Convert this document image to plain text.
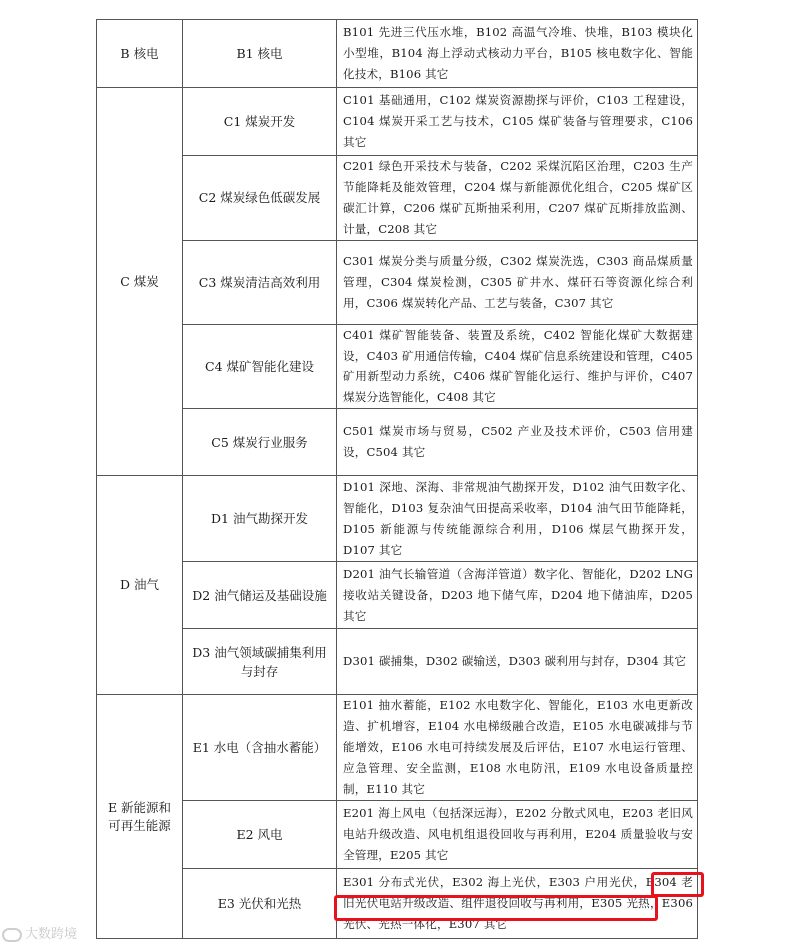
B 核电	B1 核电	B101 先进三代压水堆，B102 高温气冷堆、快堆，B103 模块化小型堆，B104 海上浮动式核动力平台，B105 核电数字化、智能化技术，B106 其它
C 煤炭	C1 煤炭开发	C101 基础通用，C102 煤炭资源勘探与评价，C103 工程建设，C104 煤炭开采工艺与技术，C105 煤矿装备与管理要求，C106 其它
	C2 煤炭绿色低碳发展	C201 绿色开采技术与装备，C202 采煤沉陷区治理，C203 生产节能降耗及能效管理，C204 煤与新能源优化组合，C205 煤矿区碳汇计算，C206 煤矿瓦斯抽采利用，C207 煤矿瓦斯排放监测、计量，C208 其它
	C3 煤炭清洁高效利用	C301 煤炭分类与质量分级，C302 煤炭洗选，C303 商品煤质量管理，C304 煤炭检测，C305 矿井水、煤矸石等资源化综合利用，C306 煤炭转化产品、工艺与装备，C307 其它
	C4 煤矿智能化建设	C401 煤矿智能装备、装置及系统，C402 智能化煤矿大数据建设，C403 矿用通信传输，C404 煤矿信息系统建设和管理，C405 矿用新型动力系统，C406 煤矿智能化运行、维护与评价，C407 煤炭分选智能化，C408 其它
	C5 煤炭行业服务	C501 煤炭市场与贸易，C502 产业及技术评价，C503 信用建设，C504 其它
D 油气	D1 油气勘探开发	D101 深地、深海、非常规油气勘探开发，D102 油气田数字化、智能化，D103 复杂油气田提高采收率，D104 油气田节能降耗，D105 新能源与传统能源综合利用，D106 煤层气勘探开发，D107 其它
	D2 油气储运及基础设施	D201 油气长输管道（含海洋管道）数字化、智能化，D202 LNG 接收站关键设备，D203 地下储气库，D204 地下储油库，D205 其它
	D3 油气领域碳捕集利用与封存	D301 碳捕集，D302 碳输送，D303 碳利用与封存，D304 其它
E 新能源和可再生能源	E1 水电（含抽水蓄能）	E101 抽水蓄能，E102 水电数字化、智能化，E103 水电更新改造、扩机增容，E104 水电梯级融合改造，E105 水电碳减排与节能增效，E106 水电可持续发展及后评估，E107 水电运行管理、应急管理、安全监测，E108 水电防汛，E109 水电设备质量控制，E110 其它
	E2 风电	E201 海上风电（包括深远海），E202 分散式风电，E203 老旧风电站升级改造、风电机组退役回收与再利用，E204 质量验收与安全管理，E205 其它
	E3 光伏和光热	E301 分布式光伏，E302 海上光伏，E303 户用光伏，E304 老旧光伏电站升级改造、组件退役回收与再利用，E305 光热，E306 光伏、光热一体化，E307 其它
大数跨境
